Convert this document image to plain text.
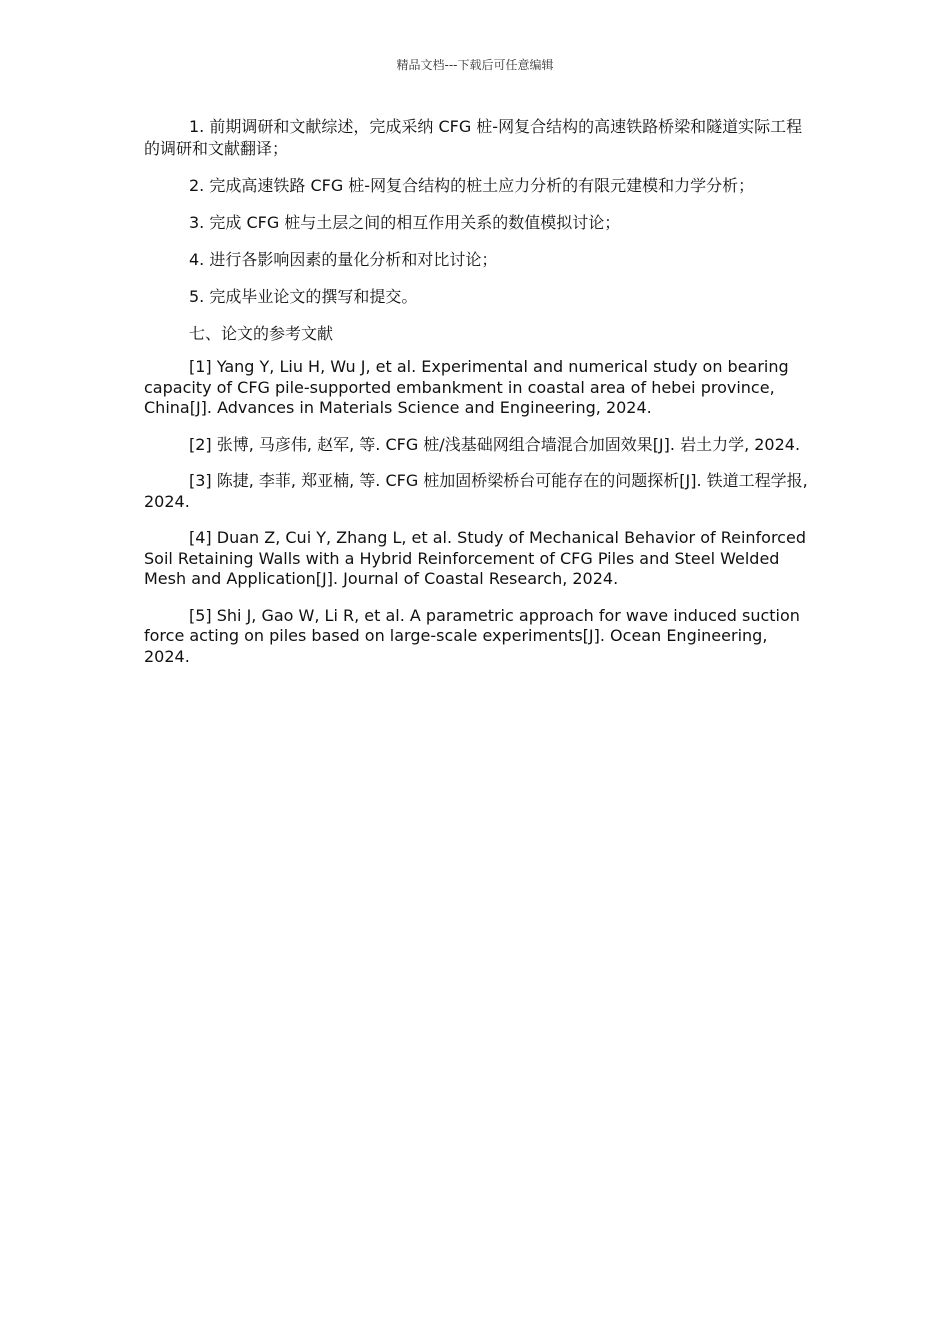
精品文档---下载后可任意编辑

1. 前期调研和文献综述，完成采纳 CFG 桩-网复合结构的高速铁路桥梁和隧道实际工程的调研和文献翻译；

2. 完成高速铁路 CFG 桩-网复合结构的桩土应力分析的有限元建模和力学分析；

3. 完成 CFG 桩与土层之间的相互作用关系的数值模拟讨论；

4. 进行各影响因素的量化分析和对比讨论；

5. 完成毕业论文的撰写和提交。

七、论文的参考文献

[1] Yang Y, Liu H, Wu J, et al. Experimental and numerical study on bearing capacity of CFG pile-supported embankment in coastal area of hebei province, China[J]. Advances in Materials Science and Engineering, 2024.

[2] 张博, 马彦伟, 赵军, 等. CFG 桩/浅基础网组合墙混合加固效果[J]. 岩土力学, 2024.

[3] 陈捷, 李菲, 郑亚楠, 等. CFG 桩加固桥梁桥台可能存在的问题探析[J]. 铁道工程学报, 2024.

[4] Duan Z, Cui Y, Zhang L, et al. Study of Mechanical Behavior of Reinforced Soil Retaining Walls with a Hybrid Reinforcement of CFG Piles and Steel Welded Mesh and Application[J]. Journal of Coastal Research, 2024.

[5] Shi J, Gao W, Li R, et al. A parametric approach for wave induced suction force acting on piles based on large-scale experiments[J]. Ocean Engineering, 2024.
